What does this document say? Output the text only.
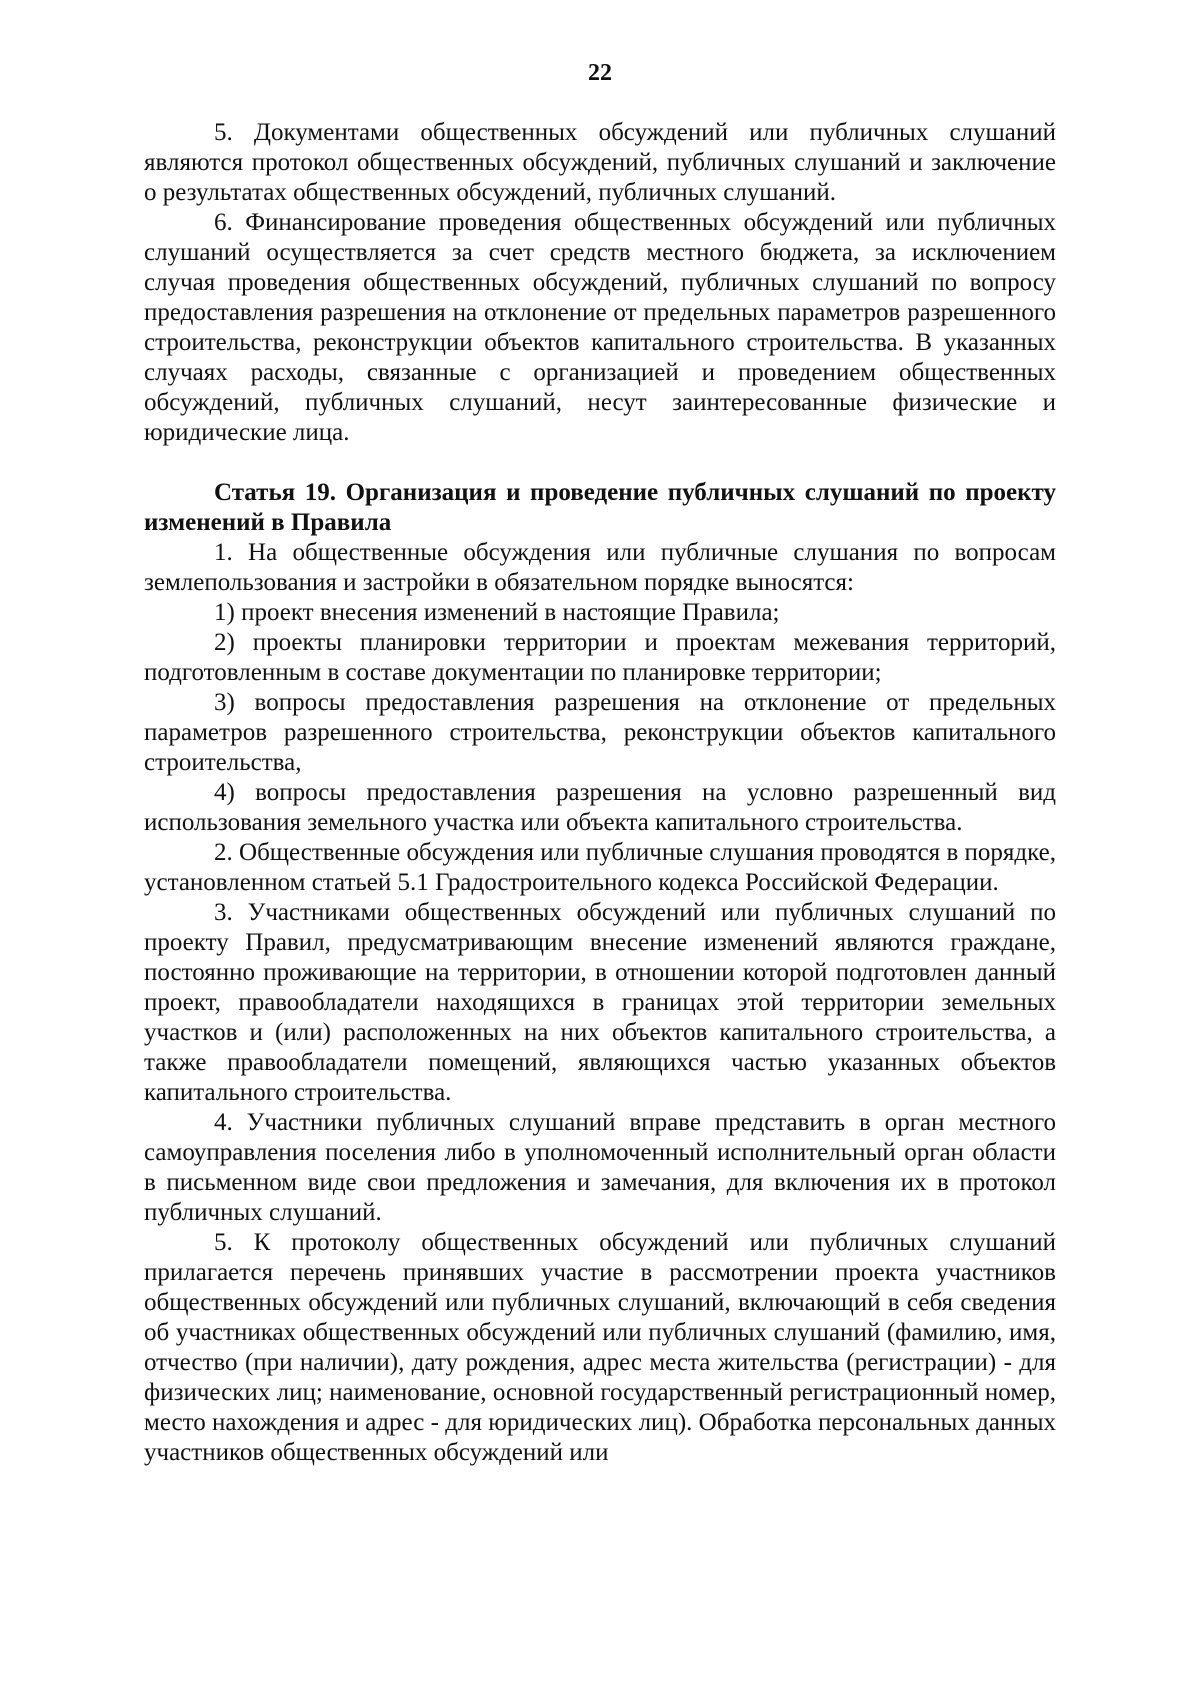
22

5. Документами общественных обсуждений или публичных слушаний являются протокол общественных обсуждений, публичных слушаний и заключение о результатах общественных обсуждений, публичных слушаний.

6. Финансирование проведения общественных обсуждений или публичных слушаний осуществляется за счет средств местного бюджета, за исключением случая проведения общественных обсуждений, публичных слушаний по вопросу предоставления разрешения на отклонение от предельных параметров разрешенного строительства, реконструкции объектов капитального строительства. В указанных случаях расходы, связанные с организацией и проведением общественных обсуждений, публичных слушаний, несут заинтересованные физические и юридические лица.

Статья 19. Организация и проведение публичных слушаний по проекту изменений в Правила

1. На общественные обсуждения или публичные слушания по вопросам землепользования и застройки в обязательном порядке выносятся:

1) проект внесения изменений в настоящие Правила;

2) проекты планировки территории и проектам межевания территорий, подготовленным в составе документации по планировке территории;

3) вопросы предоставления разрешения на отклонение от предельных параметров разрешенного строительства, реконструкции объектов капитального строительства,

4) вопросы предоставления разрешения на условно разрешенный вид использования земельного участка или объекта капитального строительства.

2. Общественные обсуждения или публичные слушания проводятся в порядке, установленном статьей 5.1 Градостроительного кодекса Российской Федерации.

3. Участниками общественных обсуждений или публичных слушаний по проекту Правил, предусматривающим внесение изменений являются граждане, постоянно проживающие на территории, в отношении которой подготовлен данный проект, правообладатели находящихся в границах этой территории земельных участков и (или) расположенных на них объектов капитального строительства, а также правообладатели помещений, являющихся частью указанных объектов капитального строительства.

4. Участники публичных слушаний вправе представить в орган местного самоуправления поселения либо в уполномоченный исполнительный орган области в письменном виде свои предложения и замечания, для включения их в протокол публичных слушаний.

5. К протоколу общественных обсуждений или публичных слушаний прилагается перечень принявших участие в рассмотрении проекта участников общественных обсуждений или публичных слушаний, включающий в себя сведения об участниках общественных обсуждений или публичных слушаний (фамилию, имя, отчество (при наличии), дату рождения, адрес места жительства (регистрации) - для физических лиц; наименование, основной государственный регистрационный номер, место нахождения и адрес - для юридических лиц). Обработка персональных данных участников общественных обсуждений или
